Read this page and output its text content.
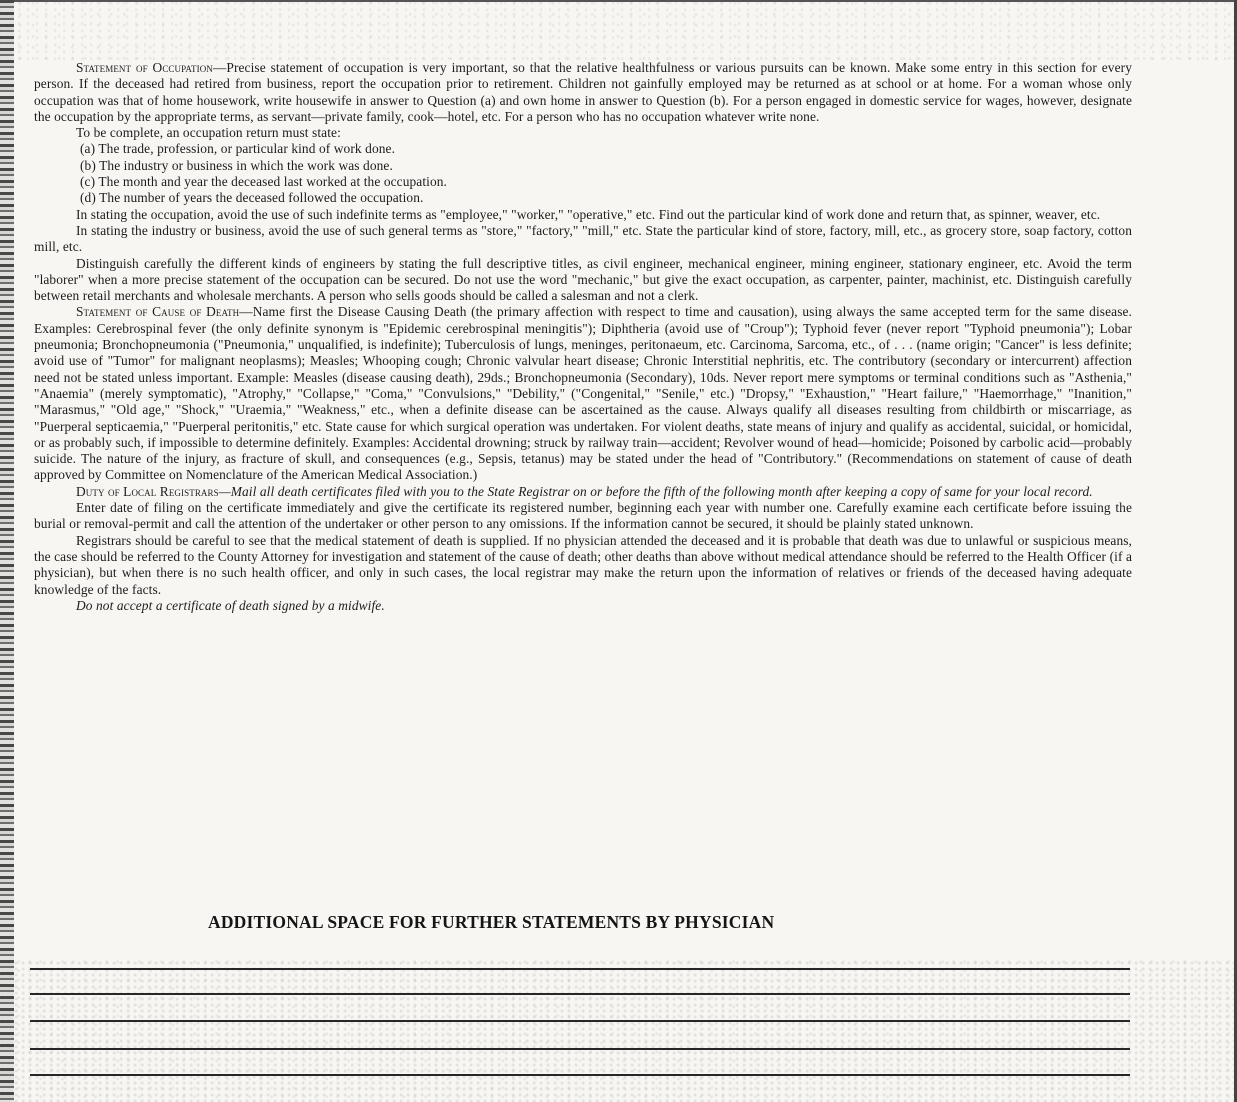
Statement of Occupation—Precise statement of occupation is very important, so that the relative healthfulness or various pursuits can be known. Make some entry in this section for every person. If the deceased had retired from business, report the occupation prior to retirement. Children not gainfully employed may be returned as at school or at home. For a woman whose only occupation was that of home housework, write housewife in answer to Question (a) and own home in answer to Question (b). For a person engaged in domestic service for wages, however, designate the occupation by the appropriate terms, as servant—private family, cook—hotel, etc. For a person who has no occupation whatever write none.

To be complete, an occupation return must state:

(a) The trade, profession, or particular kind of work done.
(b) The industry or business in which the work was done.
(c) The month and year the deceased last worked at the occupation.
(d) The number of years the deceased followed the occupation.

In stating the occupation, avoid the use of such indefinite terms as "employee," "worker," "operative," etc. Find out the particular kind of work done and return that, as spinner, weaver, etc.

In stating the industry or business, avoid the use of such general terms as "store," "factory," "mill," etc. State the particular kind of store, factory, mill, etc., as grocery store, soap factory, cotton mill, etc.

Distinguish carefully the different kinds of engineers by stating the full descriptive titles, as civil engineer, mechanical engineer, mining engineer, stationary engineer, etc. Avoid the term "laborer" when a more precise statement of the occupation can be secured. Do not use the word "mechanic," but give the exact occupation, as carpenter, painter, machinist, etc. Distinguish carefully between retail merchants and wholesale merchants. A person who sells goods should be called a salesman and not a clerk.

Statement of Cause of Death—Name first the Disease Causing Death (the primary affection with respect to time and causation), using always the same accepted term for the same disease. Examples: Cerebrospinal fever (the only definite synonym is "Epidemic cerebrospinal meningitis"); Diphtheria (avoid use of "Croup"); Typhoid fever (never report "Typhoid pneumonia"); Lobar pneumonia; Bronchopneumonia ("Pneumonia," unqualified, is indefinite); Tuberculosis of lungs, meninges, peritonaeum, etc. Carcinoma, Sarcoma, etc., of . . . (name origin; "Cancer" is less definite; avoid use of "Tumor" for malignant neoplasms); Measles; Whooping cough; Chronic valvular heart disease; Chronic Interstitial nephritis, etc. The contributory (secondary or intercurrent) affection need not be stated unless important. Example: Measles (disease causing death), 29ds.; Bronchopneumonia (Secondary), 10ds. Never report mere symptoms or terminal conditions such as "Asthenia," "Anaemia" (merely symptomatic), "Atrophy," "Collapse," "Coma," "Convulsions," "Debility," ("Congenital," "Senile," etc.) "Dropsy," "Exhaustion," "Heart failure," "Haemorrhage," "Inanition," "Marasmus," "Old age," "Shock," "Uraemia," "Weakness," etc., when a definite disease can be ascertained as the cause. Always qualify all diseases resulting from childbirth or miscarriage, as "Puerperal septicaemia," "Puerperal peritonitis," etc. State cause for which surgical operation was undertaken. For violent deaths, state means of injury and qualify as accidental, suicidal, or homicidal, or as probably such, if impossible to determine definitely. Examples: Accidental drowning; struck by railway train—accident; Revolver wound of head—homicide; Poisoned by carbolic acid—probably suicide. The nature of the injury, as fracture of skull, and consequences (e.g., Sepsis, tetanus) may be stated under the head of "Contributory." (Recommendations on statement of cause of death approved by Committee on Nomenclature of the American Medical Association.)

Duty of Local Registrars—Mail all death certificates filed with you to the State Registrar on or before the fifth of the following month after keeping a copy of same for your local record.

Enter date of filing on the certificate immediately and give the certificate its registered number, beginning each year with number one. Carefully examine each certificate before issuing the burial or removal-permit and call the attention of the undertaker or other person to any omissions. If the information cannot be secured, it should be plainly stated unknown.

Registrars should be careful to see that the medical statement of death is supplied. If no physician attended the deceased and it is probable that death was due to unlawful or suspicious means, the case should be referred to the County Attorney for investigation and statement of the cause of death; other deaths than above without medical attendance should be referred to the Health Officer (if a physician), but when there is no such health officer, and only in such cases, the local registrar may make the return upon the information of relatives or friends of the deceased having adequate knowledge of the facts.

Do not accept a certificate of death signed by a midwife.

ADDITIONAL SPACE FOR FURTHER STATEMENTS BY PHYSICIAN
